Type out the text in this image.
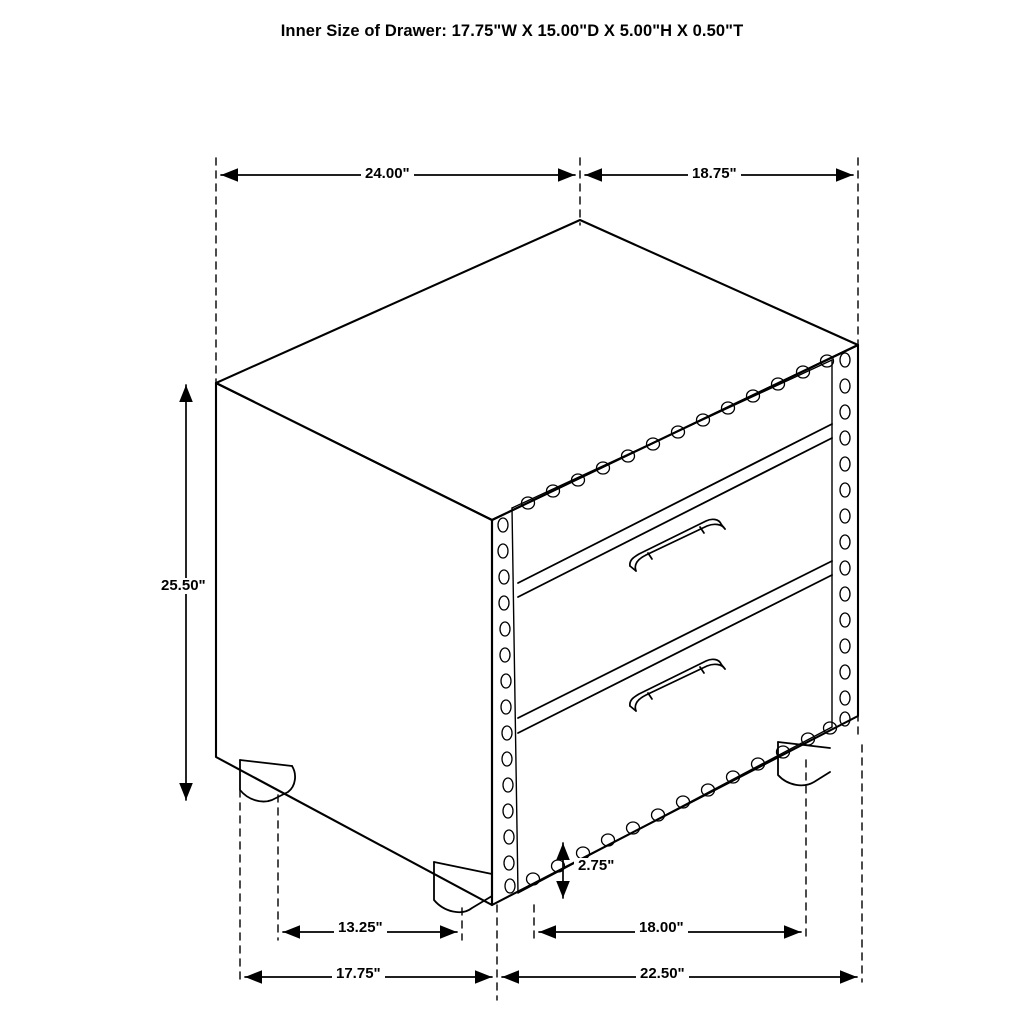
Inner Size of Drawer: 17.75"W X 15.00"D X 5.00"H X 0.50"T
24.00"	18.75"
25.50"
2.75"
13.25"	18.00"
17.75"	22.50"
